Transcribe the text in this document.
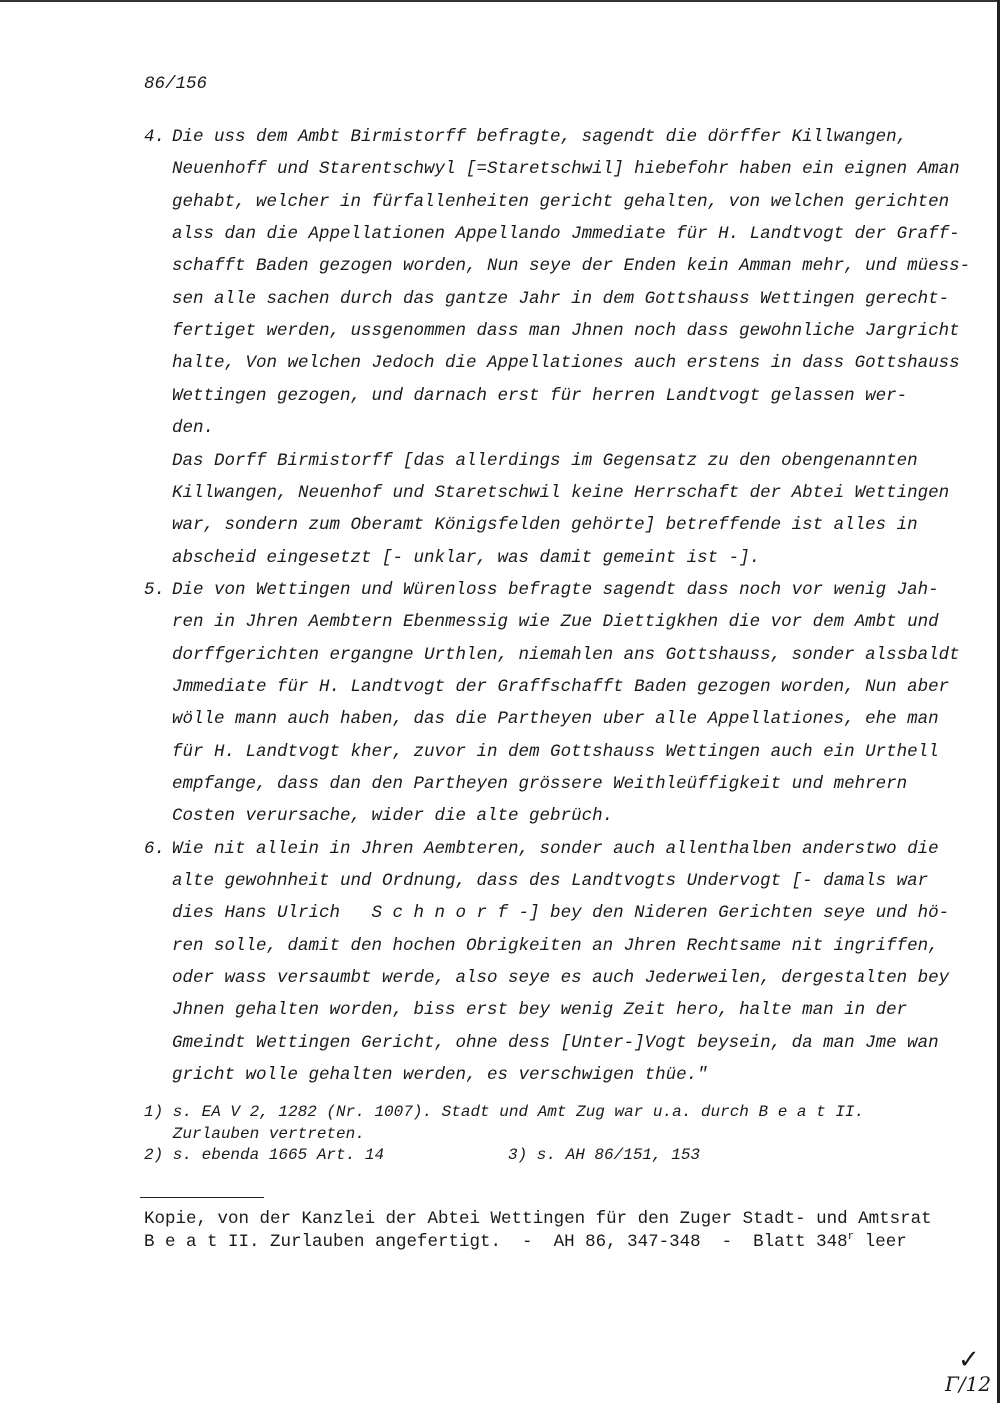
86/156
4. Die uss dem Ambt Birmistorff befragte, sagendt die dörffer Killwangen,
Neuenhoff und Starentschwyl [=Staretschwil] hiebefohr haben ein eignen Aman
gehabt, welcher in fürfallenheiten gericht gehalten, von welchen gerichten
alss dan die Appellationen Appellando Jmmediate für H. Landtvogt der Graff-
schafft Baden gezogen worden, Nun seye der Enden kein Amman mehr, und müess-
sen alle sachen durch das gantze Jahr in dem Gottshauss Wettingen gerecht-
fertiget werden, ussgenommen dass man Jhnen noch dass gewohnliche Jargricht
halte, Von welchen Jedoch die Appellationes auch erstens in dass Gottshauss
Wettingen gezogen, und darnach erst für herren Landtvogt gelassen wer-
den.
Das Dorff Birmistorff [das allerdings im Gegensatz zu den obengenannten
Killwangen, Neuenhof und Staretschwil keine Herrschaft der Abtei Wettingen
war, sondern zum Oberamt Königsfelden gehörte] betreffende ist alles in
abscheid eingesetzt [- unklar, was damit gemeint ist -].
5. Die von Wettingen und Würenloss befragte sagendt dass noch vor wenig Jah-
ren in Jhren Aembtern Ebenmessig wie Zue Diettigkhen die vor dem Ambt und
dorffgerichten ergangne Urthlen, niemahlen ans Gottshauss, sonder alssbaldt
Jmmediate für H. Landtvogt der Graffschafft Baden gezogen worden, Nun aber
wölle mann auch haben, das die Partheyen uber alle Appellationes, ehe man
für H. Landtvogt kher, zuvor in dem Gottshauss Wettingen auch ein Urthell
empfange, dass dan den Partheyen grössere Weithleüffigkeit und mehrern
Costen verursache, wider die alte gebrüch.
6. Wie nit allein in Jhren Aembteren, sonder auch allenthalben anderstwo die
alte gewohnheit und Ordnung, dass des Landtvogts Undervogt [- damals war
dies Hans Ulrich   S c h n o r f -] bey den Nideren Gerichten seye und hö-
ren solle, damit den hochen Obrigkeiten an Jhren Rechtsame nit ingriffen,
oder wass versaumbt werde, also seye es auch Jederweilen, dergestalten bey
Jhnen gehalten worden, biss erst bey wenig Zeit hero, halte man in der
Gmeindt Wettingen Gericht, ohne dess [Unter-]Vogt beysein, da man Jme wan
gricht wolle gehalten werden, es verschwigen thüe."
1) s. EA V 2, 1282 (Nr. 1007). Stadt und Amt Zug war u.a. durch B e a t II.
Zurlauben vertreten.
2) s. ebenda 1665 Art. 14	3) s. AH 86/151, 153
Kopie, von der Kanzlei der Abtei Wettingen für den Zuger Stadt- und Amtsrat
B e a t II. Zurlauben angefertigt.  -  AH 86, 347-348  -  Blatt 348$^r$ leer
✓
Γ/12
